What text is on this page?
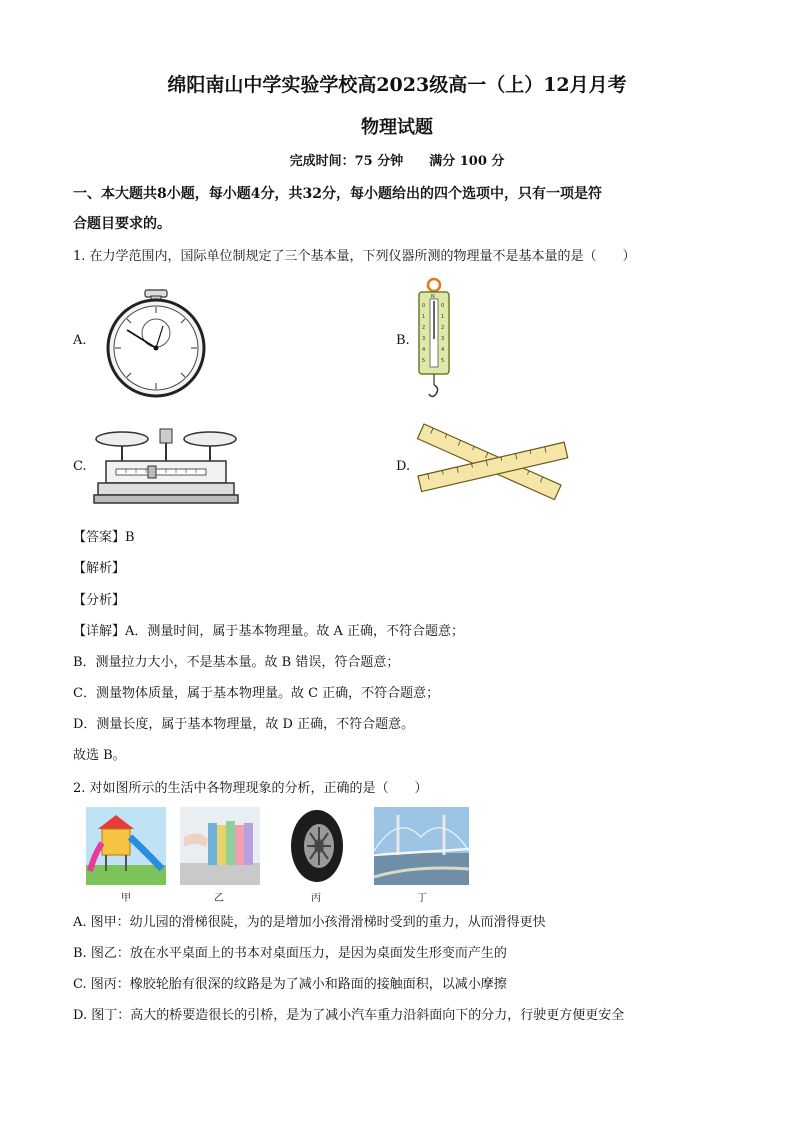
绵阳南山中学实验学校高2023级高一（上）12月月考
物理试题
完成时间：75 分钟　　满分 100 分
一、本大题共8小题，每小题4分，共32分，每小题给出的四个选项中，只有一项是符
合题目要求的。
1. 在力学范围内，国际单位制规定了三个基本量，下列仪器所测的物理量不是基本量的是（　　）
A.	B.
0
1
2
3
4
5
0
1
2
3
4
5
N
C.	D.
【答案】B
【解析】
【分析】
【详解】A．测量时间，属于基本物理量。故 A 正确，不符合题意；
B．测量拉力大小，不是基本量。故 B 错误，符合题意；
C．测量物体质量，属于基本物理量。故 C 正确，不符合题意；
D．测量长度，属于基本物理量，故 D 正确，不符合题意。
故选 B。
2. 对如图所示的生活中各物理现象的分析，正确的是（　　）
甲	乙	丙	丁
A. 图甲：幼儿园的滑梯很陡，为的是增加小孩滑滑梯时受到的重力，从而滑得更快
B. 图乙：放在水平桌面上的书本对桌面压力，是因为桌面发生形变而产生的
C. 图丙：橡胶轮胎有很深的纹路是为了减小和路面的接触面积，以减小摩擦
D. 图丁：高大的桥要造很长的引桥，是为了减小汽车重力沿斜面向下的分力，行驶更方便更安全
